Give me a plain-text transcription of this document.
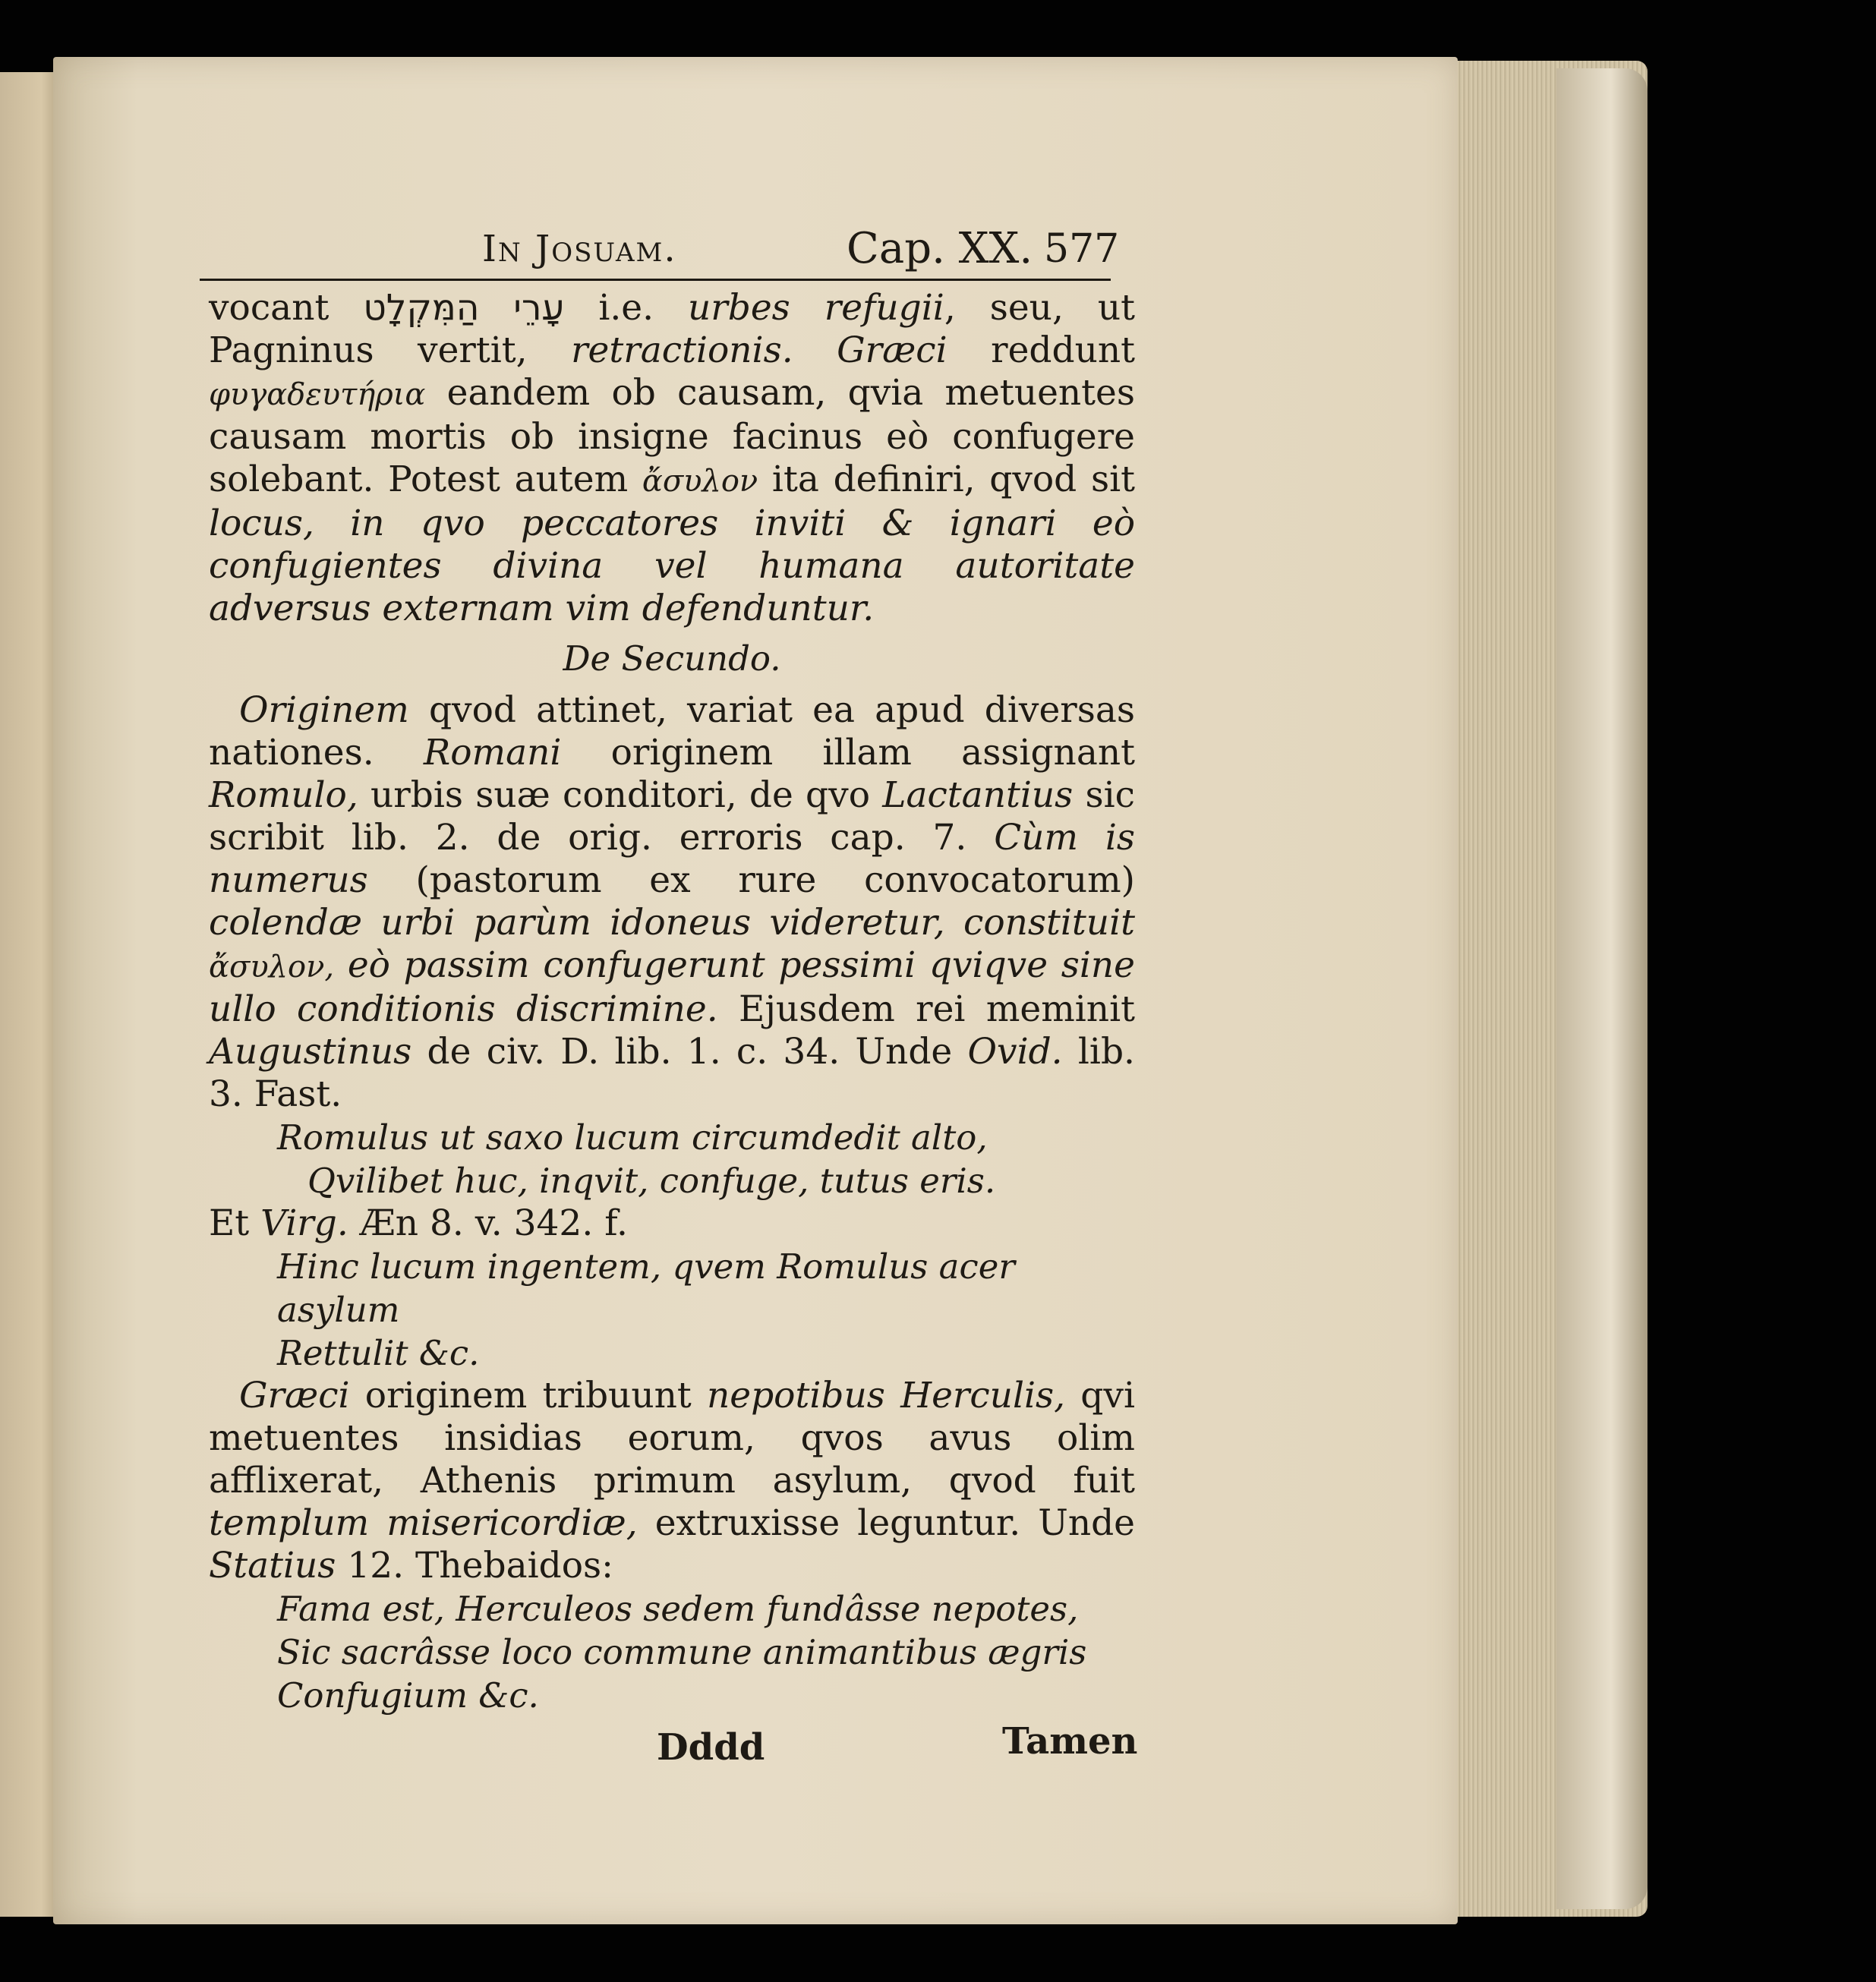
In Josuam.	Cap. XX. 577

vocant עָרֵי הַמִּקְלָט i.e. urbes refugii, seu, ut Pagninus vertit, retractionis. Græci reddunt φυγαδευτήρια eandem ob causam, qvia metuentes causam mortis ob insigne facinus eò confugere solebant. Potest autem ἄσυλον ita definiri, qvod sit locus, in qvo peccatores inviti & ignari eò confugientes divina vel humana autoritate adversus externam vim defenduntur.

De Secundo.

Originem qvod attinet, variat ea apud diversas nationes. Romani originem illam assignant Romulo, urbis suæ conditori, de qvo Lactantius sic scribit lib. 2. de orig. erroris cap. 7. Cùm is numerus (pastorum ex rure convocatorum) colendæ urbi parùm idoneus videretur, constituit ἄσυλον, eò passim confugerunt pessimi qviqve sine ullo conditionis discrimine. Ejusdem rei meminit Augustinus de civ. D. lib. 1. c. 34. Unde Ovid. lib. 3. Fast.

Romulus ut saxo lucum circumdedit alto,
Qvilibet huc, inqvit, confuge, tutus eris.

Et Virg. Æn 8. v. 342. f.

Hinc lucum ingentem, qvem Romulus acer asylum
Rettulit &c.

Græci originem tribuunt nepotibus Herculis, qvi metuentes insidias eorum, qvos avus olim afflixerat, Athenis primum asylum, qvod fuit templum misericordiæ, extruxisse leguntur. Unde Statius 12. Thebaidos:

Fama est, Herculeos sedem fundâsse nepotes,
Sic sacrâsse loco commune animantibus ægris
Confugium &c.
Dddd	Tamen
